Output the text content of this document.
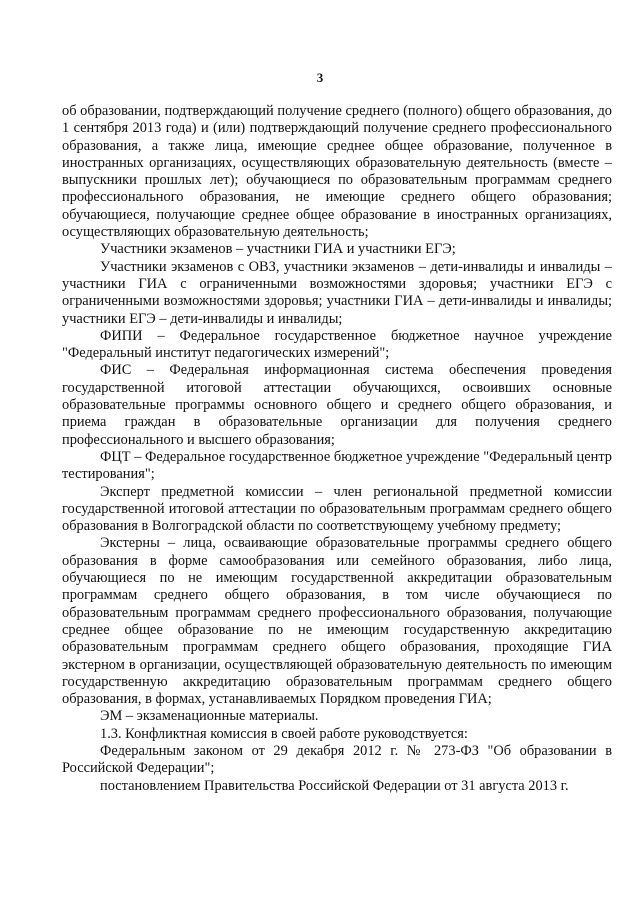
3

об образовании, подтверждающий получение среднего (полного) общего образования, до 1 сентября 2013 года) и (или) подтверждающий получение среднего профессионального образования, а также лица, имеющие среднее общее образование, полученное в иностранных организациях, осуществляющих образовательную деятельность (вместе – выпускники прошлых лет); обучающиеся по образовательным программам среднего профессионального образования, не имеющие среднего общего образования; обучающиеся, получающие среднее общее образование в иностранных организациях, осуществляющих образовательную деятельность;

Участники экзаменов – участники ГИА и участники ЕГЭ;

Участники экзаменов с ОВЗ, участники экзаменов – дети-инвалиды и инвалиды – участники ГИА с ограниченными возможностями здоровья; участники ЕГЭ с ограниченными возможностями здоровья; участники ГИА – дети-инвалиды и инвалиды; участники ЕГЭ – дети-инвалиды и инвалиды;

ФИПИ – Федеральное государственное бюджетное научное учреждение "Федеральный институт педагогических измерений";

ФИС – Федеральная информационная система обеспечения проведения государственной итоговой аттестации обучающихся, освоивших основные образовательные программы основного общего и среднего общего образования, и приема граждан в образовательные организации для получения среднего профессионального и высшего образования;

ФЦТ – Федеральное государственное бюджетное учреждение "Федеральный центр тестирования";

Эксперт предметной комиссии – член региональной предметной комиссии государственной итоговой аттестации по образовательным программам среднего общего образования в Волгоградской области по соответствующему учебному предмету;

Экстерны – лица, осваивающие образовательные программы среднего общего образования в форме самообразования или семейного образования, либо лица, обучающиеся по не имеющим государственной аккредитации образовательным программам среднего общего образования, в том числе обучающиеся по образовательным программам среднего профессионального образования, получающие среднее общее образование по не имеющим государственную аккредитацию образовательным программам среднего общего образования, проходящие ГИА экстерном в организации, осуществляющей образовательную деятельность по имеющим государственную аккредитацию образовательным программам среднего общего образования, в формах, устанавливаемых Порядком проведения ГИА;

ЭМ – экзаменационные материалы.

1.3. Конфликтная комиссия в своей работе руководствуется:

Федеральным законом от 29 декабря 2012 г. № 273-ФЗ "Об образовании в Российской Федерации";

постановлением Правительства Российской Федерации от 31 августа 2013 г.
